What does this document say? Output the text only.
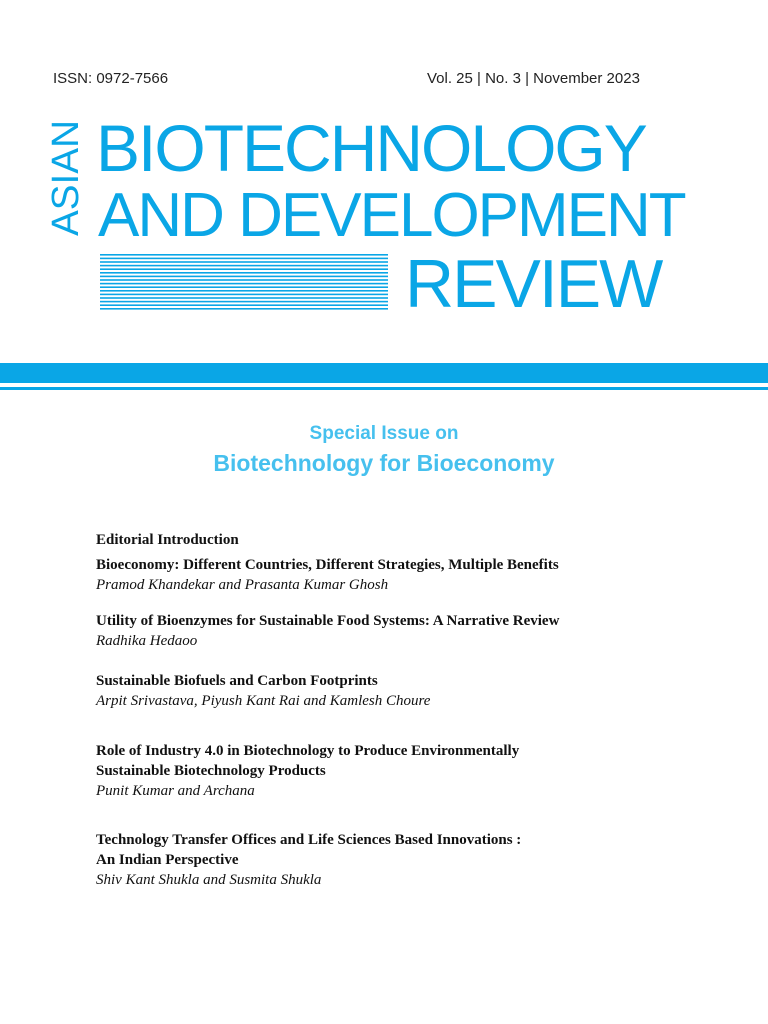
ISSN: 0972-7566	Vol. 25 | No. 3 | November 2023
ASIAN BIOTECHNOLOGY
AND DEVELOPMENT
REVIEW
Special Issue on
Biotechnology for Bioeconomy
Editorial Introduction
Bioeconomy: Different Countries, Different Strategies, Multiple Benefits
Pramod Khandekar and Prasanta Kumar Ghosh
Utility of Bioenzymes for Sustainable Food Systems: A Narrative Review
Radhika Hedaoo
Sustainable Biofuels and Carbon Footprints
Arpit Srivastava, Piyush Kant Rai and Kamlesh Choure
Role of Industry 4.0 in Biotechnology to Produce Environmentally
Sustainable Biotechnology Products
Punit Kumar and Archana
Technology Transfer Offices and Life Sciences Based Innovations :
An Indian Perspective
Shiv Kant Shukla and Susmita Shukla
